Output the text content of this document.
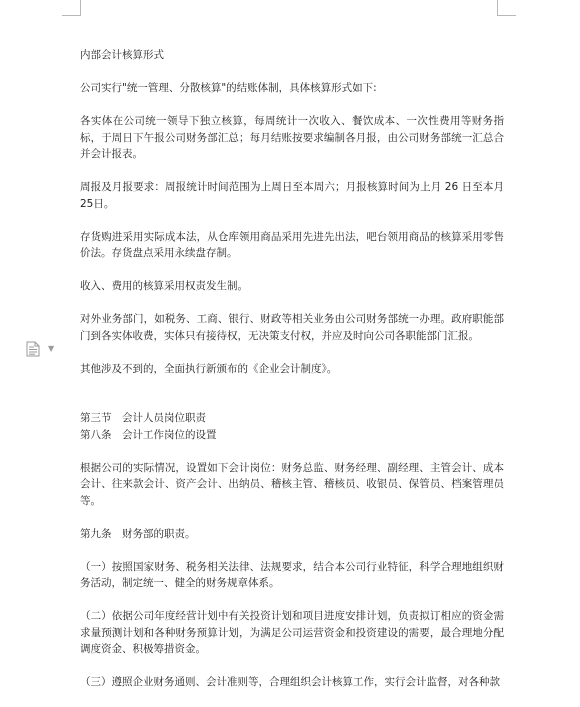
▼

内部会计核算形式

公司实行"统一管理、分散核算"的结账体制，具体核算形式如下:

各实体在公司统一领导下独立核算，每周统计一次收入、餐饮成本、一次性费用等财务指标，于周日下午报公司财务部汇总；每月结账按要求编制各月报，由公司财务部统一汇总合并会计报表。

周报及月报要求：周报统计时间范围为上周日至本周六；月报核算时间为上月 26 日至本月 25日。

存货购进采用实际成本法，从仓库领用商品采用先进先出法，吧台领用商品的核算采用零售价法。存货盘点采用永续盘存制。

收入、费用的核算采用权责发生制。

对外业务部门，如税务、工商、银行、财政等相关业务由公司财务部统一办理。政府职能部门到各实体收费，实体只有接待权，无决策支付权，并应及时向公司各职能部门汇报。

其他涉及不到的，全面执行新颁布的《企业会计制度》。

第三节　会计人员岗位职责

第八条　会计工作岗位的设置

根据公司的实际情况，设置如下会计岗位：财务总监、财务经理、副经理、主管会计、成本会计、往来款会计、资产会计、出纳员、稽核主管、稽核员、收银员、保管员、档案管理员等。

第九条　财务部的职责。

（一）按照国家财务、税务相关法律、法规要求，结合本公司行业特征，科学合理地组织财务活动，制定统一、健全的财务规章体系。

（二）依据公司年度经营计划中有关投资计划和项目进度安排计划，负责拟订相应的资金需求量预测计划和各种财务预算计划，为满足公司运营资金和投资建设的需要，最合理地分配调度资金、积极筹措资金。

（三）遵照企业财务通则、会计准则等，合理组织会计核算工作，实行会计监督，对各种款
